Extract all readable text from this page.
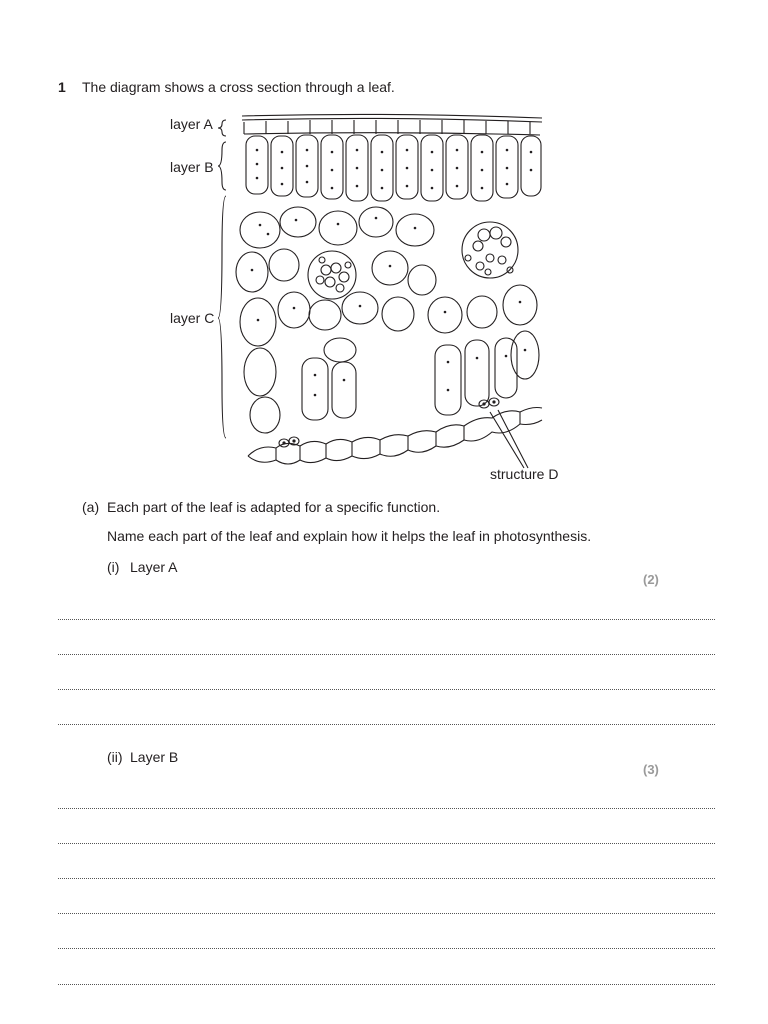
1 The diagram shows a cross section through a leaf.
layer A
layer B
layer C
structure D
(a) Each part of the leaf is adapted for a specific function.
Name each part of the leaf and explain how it helps the leaf in photosynthesis.
(i) Layer A
(2)
(ii) Layer B
(3)
